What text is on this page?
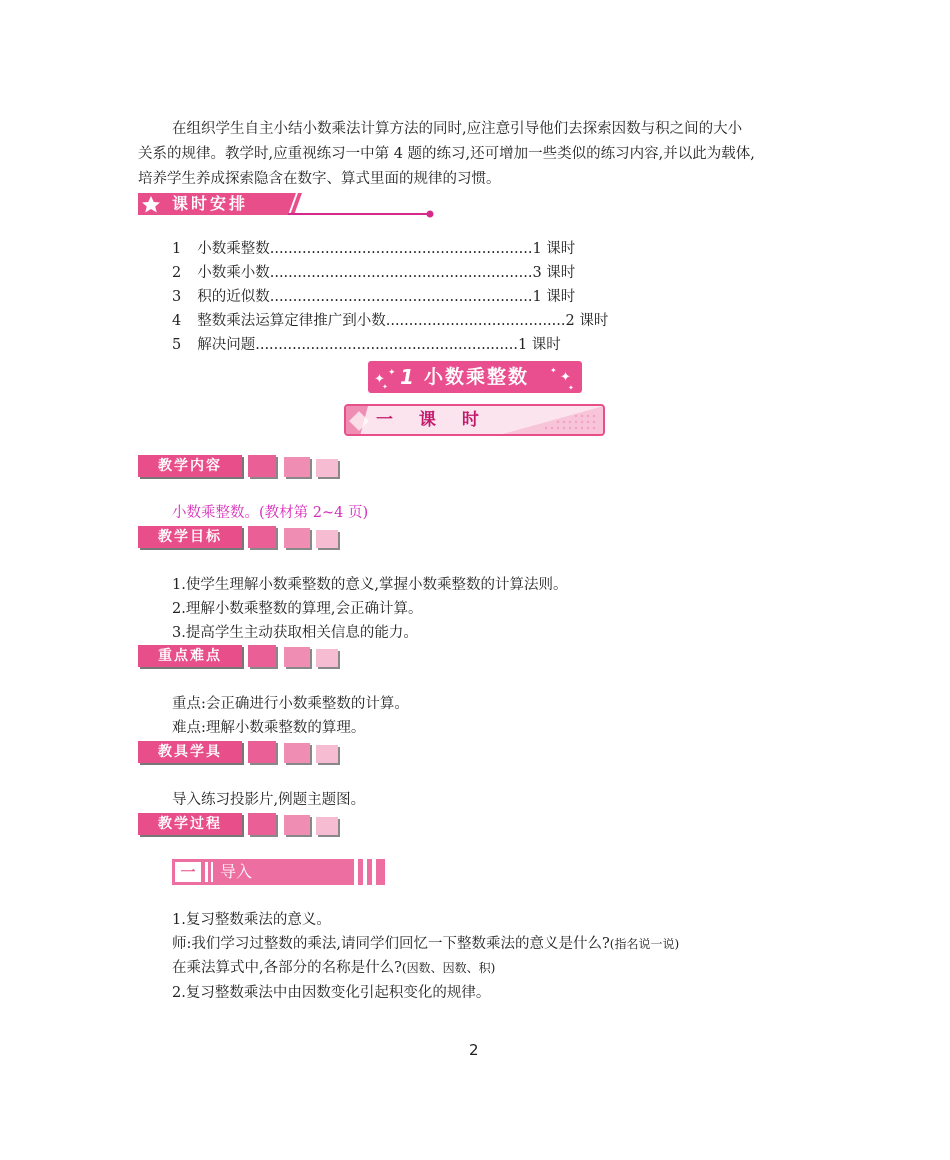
在组织学生自主小结小数乘法计算方法的同时,应注意引导他们去探索因数与积之间的大小
关系的规律。教学时,应重视练习一中第 4 题的练习,还可增加一些类似的练习内容,并以此为载体,
培养学生养成探索隐含在数字、算式里面的规律的习惯。
课时安排
1 小数乘整数.........................................................1 课时
2 小数乘小数.........................................................3 课时
3 积的近似数.........................................................1 课时
4 整数乘法运算定律推广到小数.......................................2 课时
5 解决问题.........................................................1 课时
✦ ✦
✦
✦
✦
✦
1 小数乘整数
一 课 时
教学内容
小数乘整数。(教材第 2~4 页)
教学目标
1.使学生理解小数乘整数的意义,掌握小数乘整数的计算法则。
2.理解小数乘整数的算理,会正确计算。
3.提高学生主动获取相关信息的能力。
重点难点
重点:会正确进行小数乘整数的计算。
难点:理解小数乘整数的算理。
教具学具
导入练习投影片,例题主题图。
教学过程
一	导入
1.复习整数乘法的意义。
师:我们学习过整数的乘法,请同学们回忆一下整数乘法的意义是什么?(指名说一说)
在乘法算式中,各部分的名称是什么?(因数、因数、积)
2.复习整数乘法中由因数变化引起积变化的规律。
2
